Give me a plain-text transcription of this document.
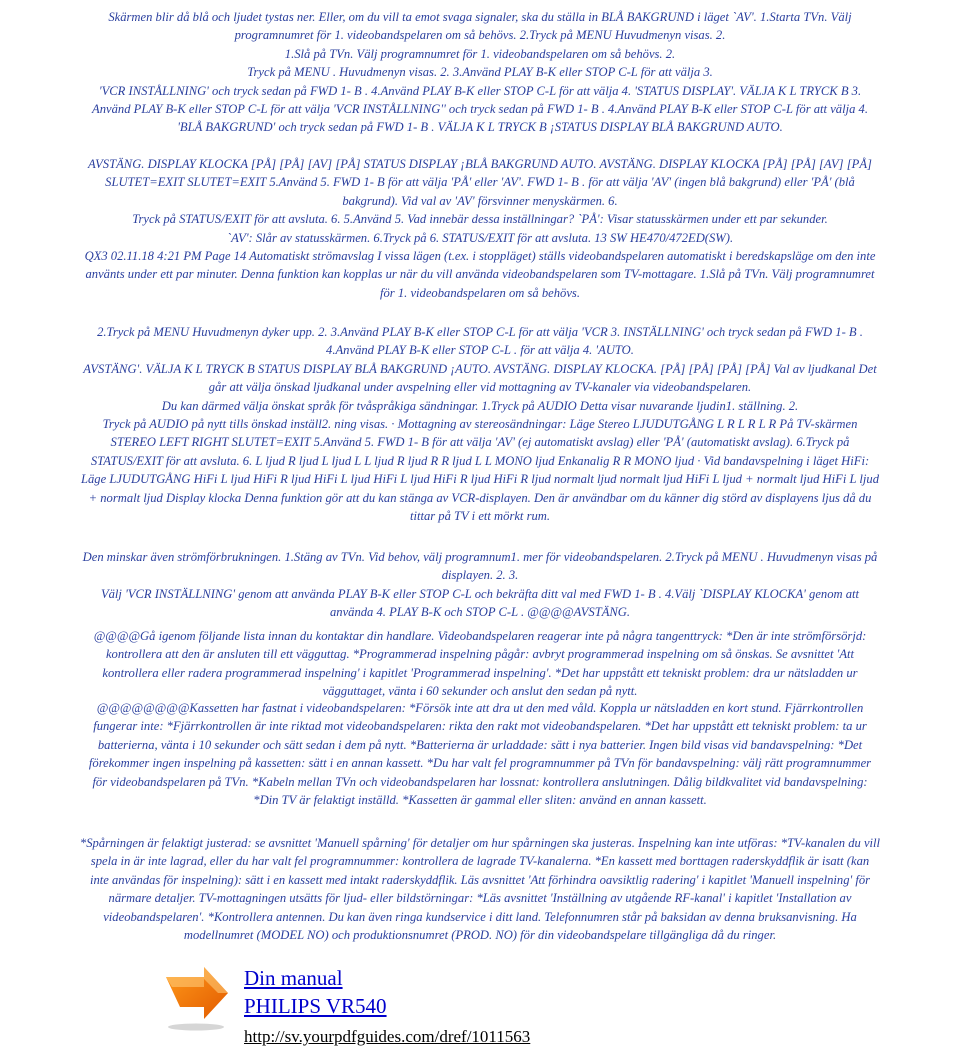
Skärmen blir då blå och ljudet tystas ner. Eller, om du vill ta emot svaga signaler, ska du ställa in BLÅ BAKGRUND i läget `AV'. 1.Starta TVn. Välj
programnumret för 1. videobandspelaren om så behövs. 2.Tryck på MENU Huvudmenyn visas. 2.
1.Slå på TVn. Välj programnumret för 1. videobandspelaren om så behövs. 2.
Tryck på MENU . Huvudmenyn visas. 2. 3.Använd PLAY B-K eller STOP C-L för att välja 3.
'VCR INSTÅLLNING' och tryck sedan på FWD 1- B . 4.Använd PLAY B-K eller STOP C-L för att välja 4. 'STATUS DISPLAY'. VÄLJA K L TRYCK B 3.
Använd PLAY B-K eller STOP C-L för att välja 'VCR INSTÅLLNING'' och tryck sedan på FWD 1- B . 4.Använd PLAY B-K eller STOP C-L för att välja 4.
'BLÅ BAKGRUND' och tryck sedan på FWD 1- B . VÄLJA K L TRYCK B ¡STATUS DISPLAY BLÅ BAKGRUND AUTO.
AVSTÄNG. DISPLAY KLOCKA [PÅ] [PÅ] [AV] [PÅ] STATUS DISPLAY ¡BLÅ BAKGRUND AUTO. AVSTÄNG. DISPLAY KLOCKA [PÅ] [PÅ] [AV] [PÅ]
SLUTET=EXIT SLUTET=EXIT 5.Använd 5. FWD 1- B för att välja 'PÅ' eller 'AV'. FWD 1- B . för att välja 'AV' (ingen blå bakgrund) eller 'PÅ' (blå
bakgrund). Vid val av 'AV' försvinner menyskärmen. 6.
Tryck på STATUS/EXIT för att avsluta. 6. 5.Använd 5. Vad innebär dessa inställningar? `PÅ': Visar statusskärmen under ett par sekunder.
`AV': Slår av statusskärmen. 6.Tryck på 6. STATUS/EXIT för att avsluta. 13 SW HE470/472ED(SW).
QX3 02.11.18 4:21 PM Page 14 Automatiskt strömavslag I vissa lägen (t.ex. i stoppläget) ställs videobandspelaren automatiskt i beredskapsläge om den inte
använts under ett par minuter. Denna funktion kan kopplas ur när du vill använda videobandspelaren som TV-mottagare. 1.Slå på TVn. Välj programnumret
för 1. videobandspelaren om så behövs.
2.Tryck på MENU Huvudmenyn dyker upp. 2. 3.Använd PLAY B-K eller STOP C-L för att välja 'VCR 3. INSTÄLLNING' och tryck sedan på FWD 1- B .
4.Använd PLAY B-K eller STOP C-L . för att välja 4. 'AUTO.
AVSTÄNG'. VÄLJA K L TRYCK B STATUS DISPLAY BLÅ BAKGRUND ¡AUTO. AVSTÄNG. DISPLAY KLOCKA. [PÅ] [PÅ] [PÅ] [PÅ] Val av ljudkanal Det
går att välja önskad ljudkanal under avspelning eller vid mottagning av TV-kanaler via videobandspelaren.
Du kan därmed välja önskat språk för tvåspråkiga sändningar. 1.Tryck på AUDIO Detta visar nuvarande ljudin1. ställning. 2.
Tryck på AUDIO på nytt tills önskad inställ2. ning visas. · Mottagning av stereosändningar: Läge Stereo LJUDUTGÅNG L R L R L R På TV-skärmen
STEREO LEFT RIGHT SLUTET=EXIT 5.Använd 5. FWD 1- B för att välja 'AV' (ej automatiskt avslag) eller 'PÅ' (automatiskt avslag). 6.Tryck på
STATUS/EXIT för att avsluta. 6. L ljud R ljud L ljud L L ljud R ljud R R ljud L L MONO ljud Enkanalig R R MONO ljud · Vid bandavspelning i läget HiFi:
Läge LJUDUTGÅNG HiFi L ljud HiFi R ljud HiFi L ljud HiFi L ljud HiFi R ljud HiFi R ljud normalt ljud normalt ljud HiFi L ljud + normalt ljud HiFi L ljud
+ normalt ljud Display klocka Denna funktion gör att du kan stänga av VCR-displayen. Den är användbar om du känner dig störd av displayens ljus då du
tittar på TV i ett mörkt rum.
Den minskar även strömförbrukningen. 1.Stäng av TVn. Vid behov, välj programnum1. mer för videobandspelaren. 2.Tryck på MENU . Huvudmenyn visas på
displayen. 2. 3.
Välj 'VCR INSTÄLLNING' genom att använda PLAY B-K eller STOP C-L och bekräfta ditt val med FWD 1- B . 4.Välj `DISPLAY KLOCKA' genom att
använda 4. PLAY B-K och STOP C-L . @@@@AVSTÄNG.
@@@@Gå igenom följande lista innan du kontaktar din handlare. Videobandspelaren reagerar inte på några tangenttryck: *Den är inte strömförsörjd:
kontrollera att den är ansluten till ett vägguttag. *Programmerad inspelning pågår: avbryt programmerad inspelning om så önskas. Se avsnittet 'Att
kontrollera eller radera programmerad inspelning' i kapitlet 'Programmerad inspelning'. *Det har uppstått ett tekniskt problem: dra ur nätsladden ur
vägguttaget, vänta i 60 sekunder och anslut den sedan på nytt.
@@@@@@@@Kassetten har fastnat i videobandspelaren: *Försök inte att dra ut den med våld. Koppla ur nätsladden en kort stund. Fjärrkontrollen
fungerar inte: *Fjärrkontrollen är inte riktad mot videobandspelaren: rikta den rakt mot videobandspelaren. *Det har uppstått ett tekniskt problem: ta ur
batterierna, vänta i 10 sekunder och sätt sedan i dem på nytt. *Batterierna är urladdade: sätt i nya batterier. Ingen bild visas vid bandavspelning: *Det
förekommer ingen inspelning på kassetten: sätt i en annan kassett. *Du har valt fel programnummer på TVn för bandavspelning: välj rätt programnummer
för videobandspelaren på TVn. *Kabeln mellan TVn och videobandspelaren har lossnat: kontrollera anslutningen. Dålig bildkvalitet vid bandavspelning:
*Din TV är felaktigt inställd. *Kassetten är gammal eller sliten: använd en annan kassett.
*Spårningen är felaktigt justerad: se avsnittet 'Manuell spårning' för detaljer om hur spårningen ska justeras. Inspelning kan inte utföras: *TV-kanalen du vill
spela in är inte lagrad, eller du har valt fel programnummer: kontrollera de lagrade TV-kanalerna. *En kassett med borttagen raderskyddflik är isatt (kan
inte användas för inspelning): sätt i en kassett med intakt raderskyddflik. Läs avsnittet 'Att förhindra oavsiktlig radering' i kapitlet 'Manuell inspelning' för
närmare detaljer. TV-mottagningen utsätts för ljud- eller bildstörningar: *Läs avsnittet 'Inställning av utgående RF-kanal' i kapitlet 'Installation av
videobandspelaren'. *Kontrollera antennen. Du kan även ringa kundservice i ditt land. Telefonnumren står på baksidan av denna bruksanvisning. Ha
modellnumret (MODEL NO) och produktionsnumret (PROD. NO) för din videobandspelare tillgängliga då du ringer.
Din manual
PHILIPS VR540
http://sv.yourpdfguides.com/dref/1011563
